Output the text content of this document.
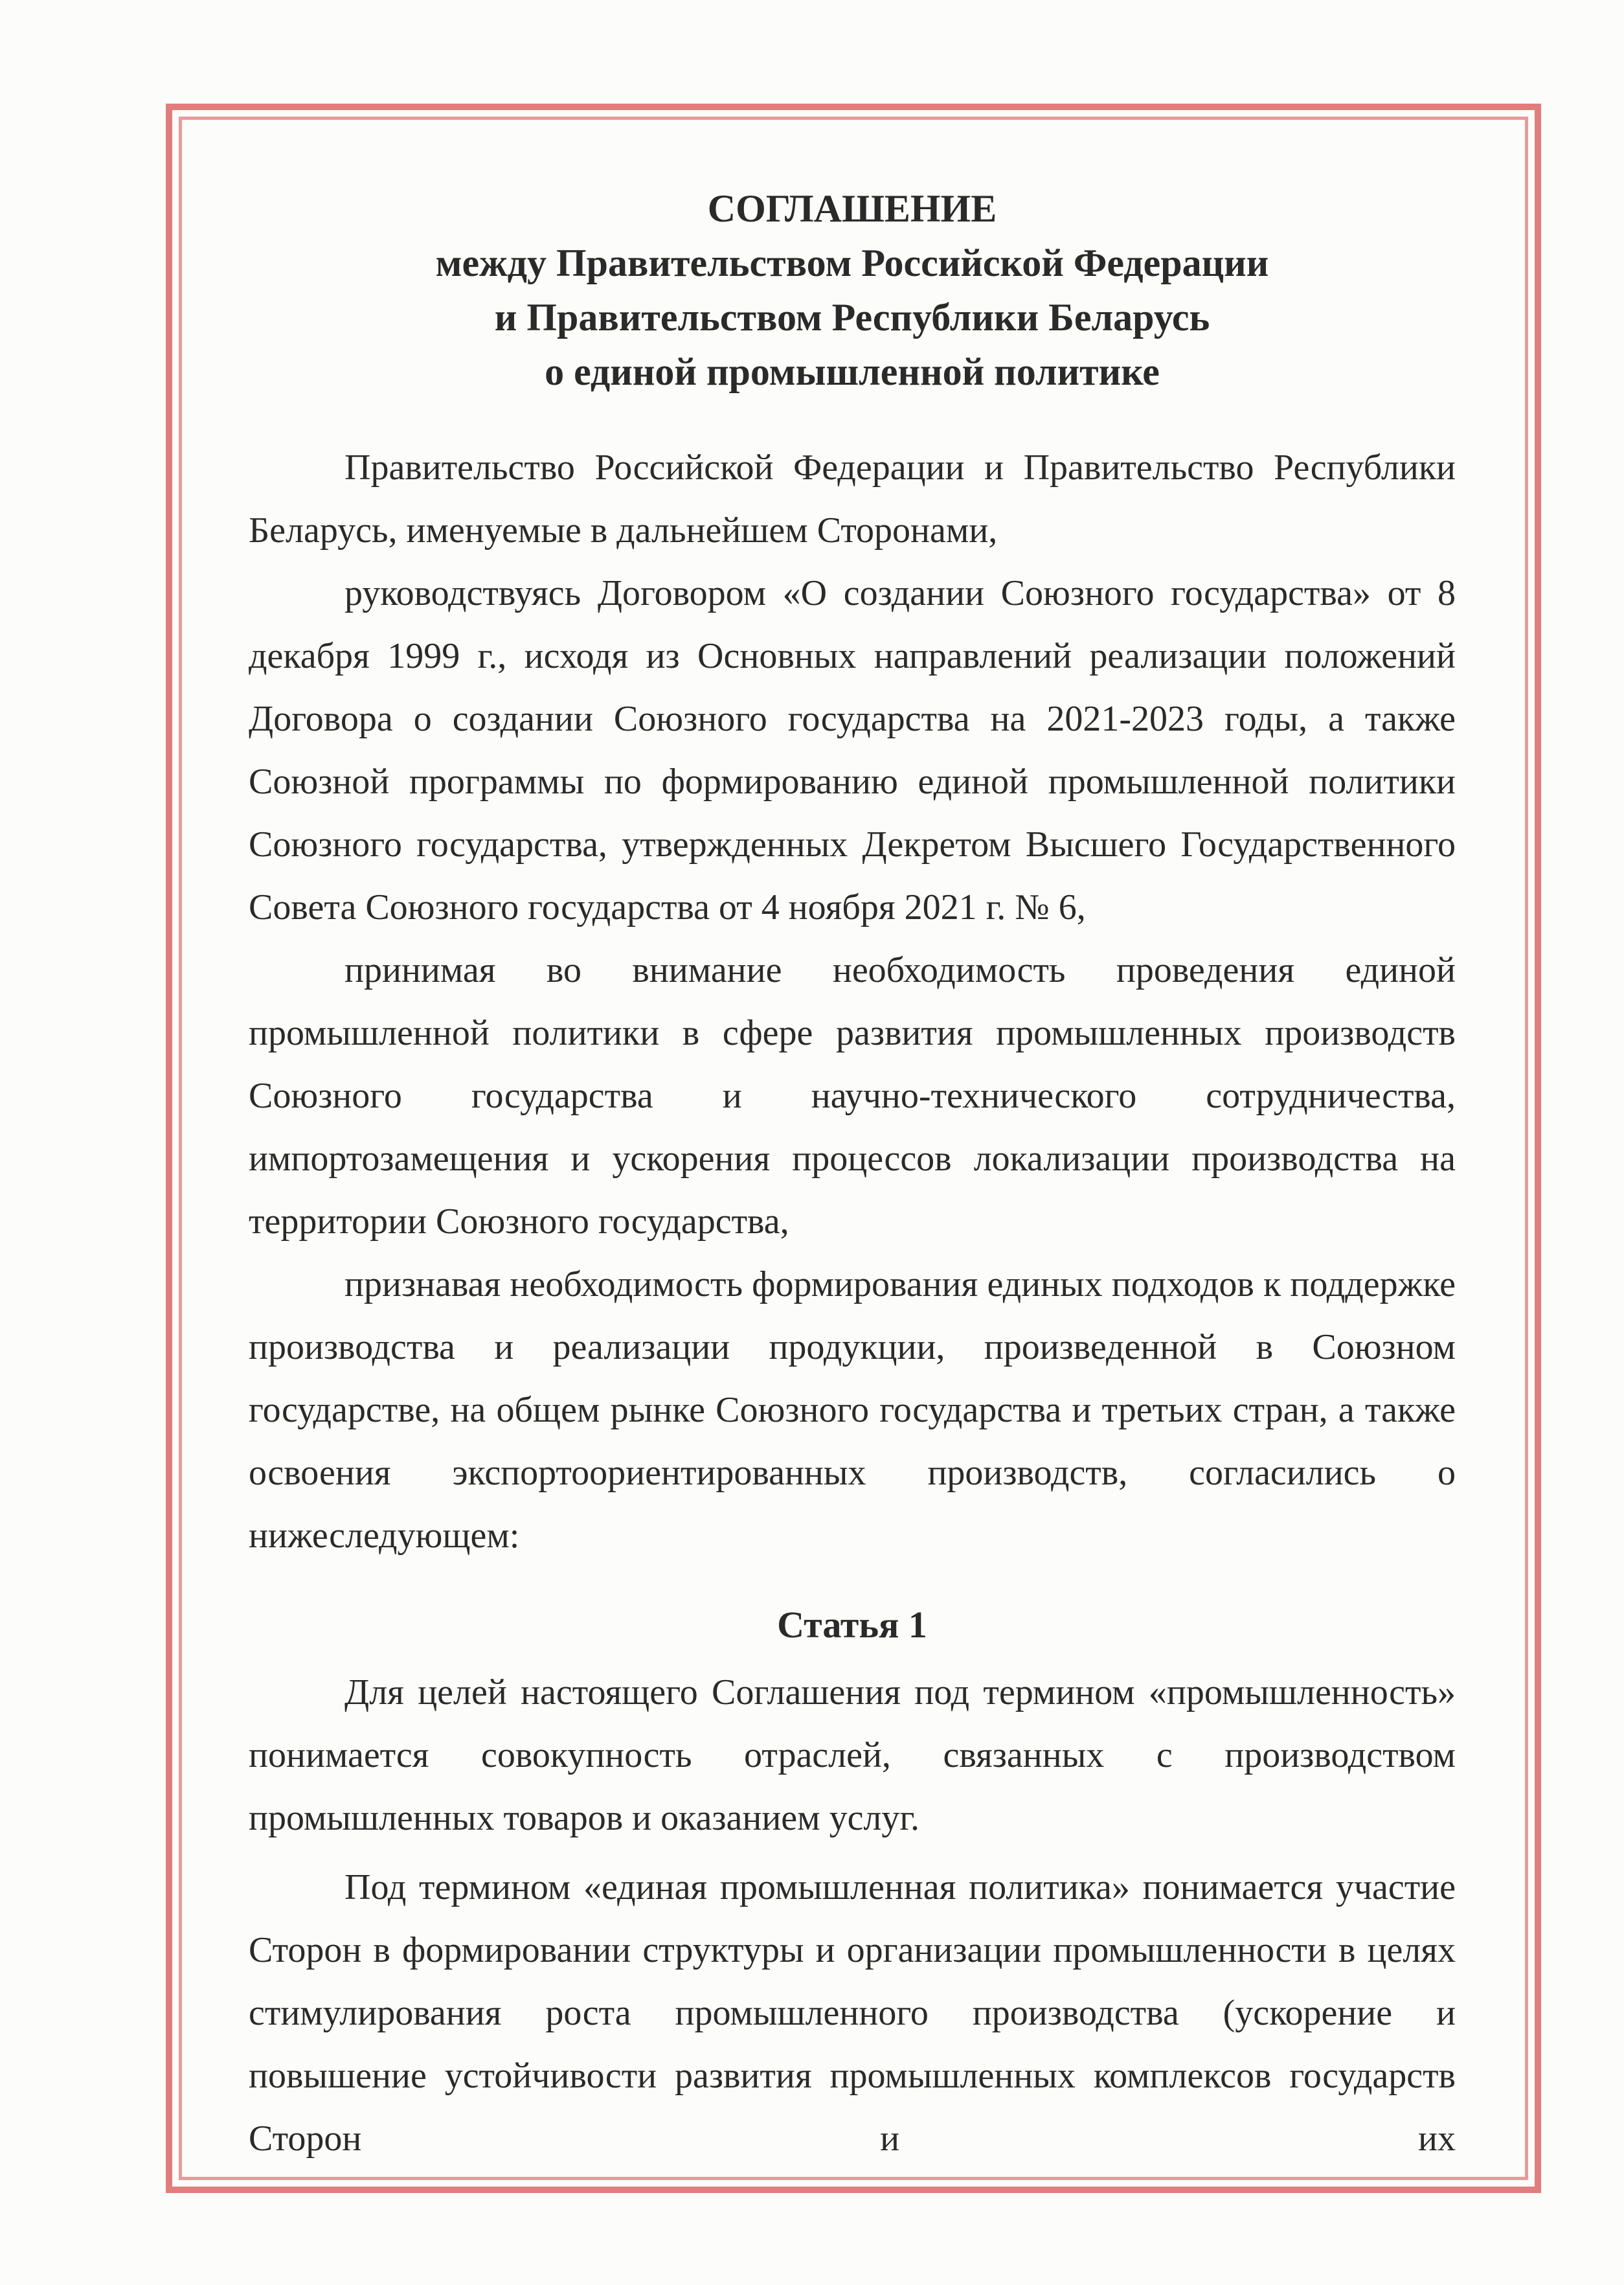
СОГЛАШЕНИЕ
между Правительством Российской Федерации
и Правительством Республики Беларусь
о единой промышленной политике

Правительство Российской Федерации и Правительство Республики Беларусь, именуемые в дальнейшем Сторонами,

руководствуясь Договором «О создании Союзного государства» от 8 декабря 1999 г., исходя из Основных направлений реализации положений Договора о создании Союзного государства на 2021-2023 годы, а также Союзной программы по формированию единой промышленной политики Союзного государства, утвержденных Декретом Высшего Государственного Совета Союзного государства от 4 ноября 2021 г. № 6,

принимая во внимание необходимость проведения единой промышленной политики в сфере развития промышленных производств Союзного государства и научно-технического сотрудничества, импортозамещения и ускорения процессов локализации производства на территории Союзного государства,

признавая необходимость формирования единых подходов к поддержке производства и реализации продукции, произведенной в Союзном государстве, на общем рынке Союзного государства и третьих стран, а также освоения экспортоориентированных производств, согласились о нижеследующем:

Статья 1

Для целей настоящего Соглашения под термином «промышленность» понимается совокупность отраслей, связанных с производством промышленных товаров и оказанием услуг.

Под термином «единая промышленная политика» понимается участие Сторон в формировании структуры и организации промышленности в целях стимулирования роста промышленного производства (ускорение и повышение устойчивости развития промышленных комплексов государств Сторон и их
